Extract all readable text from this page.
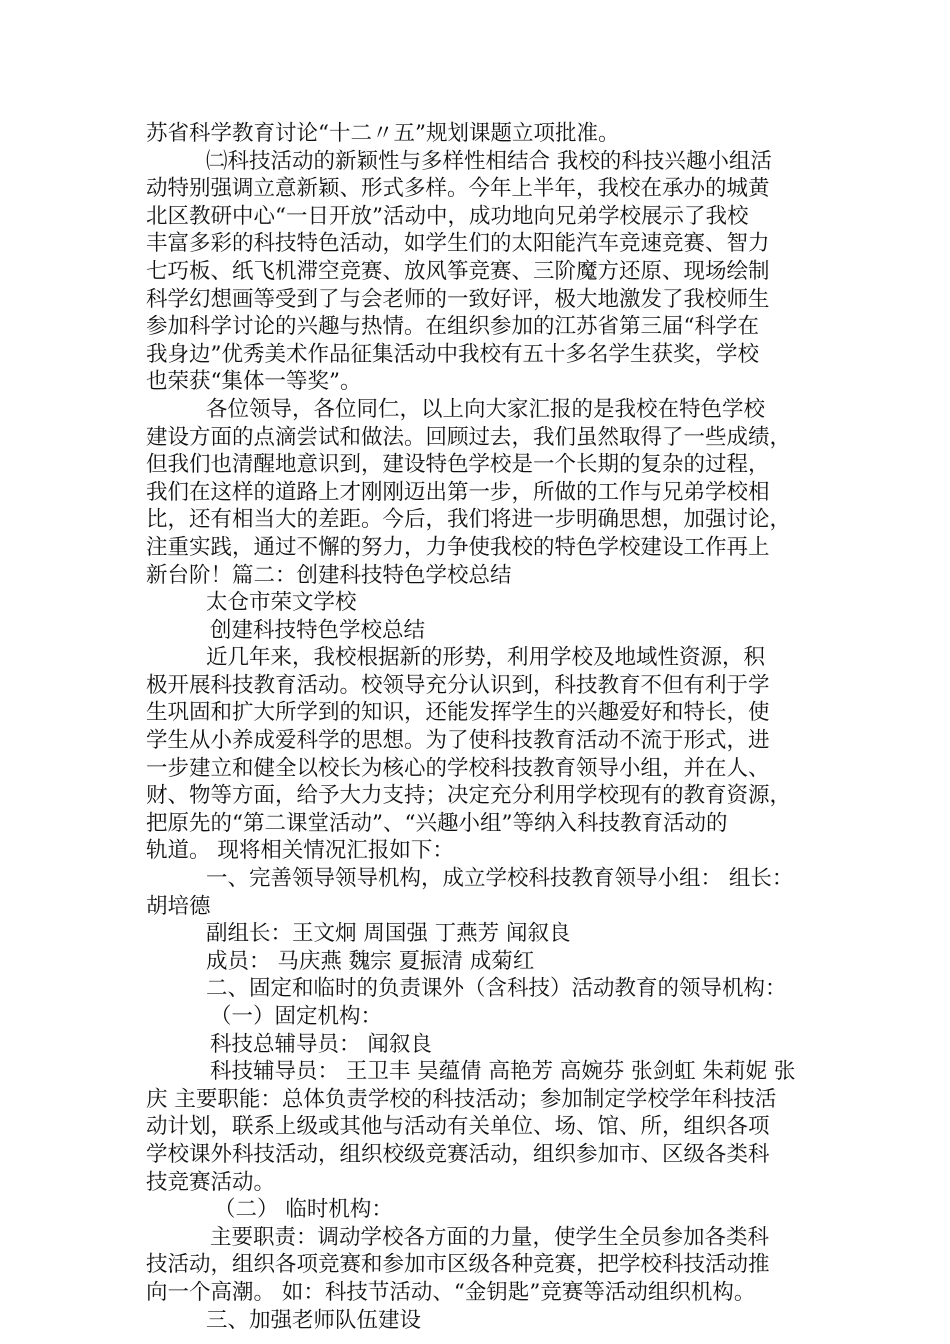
苏省科学教育讨论“十二〃五”规划课题立项批准。
㈡科技活动的新颖性与多样性相结合 我校的科技兴趣小组活
动特别强调立意新颖、形式多样。今年上半年，我校在承办的城黄
北区教研中心“一日开放”活动中，成功地向兄弟学校展示了我校
丰富多彩的科技特色活动，如学生们的太阳能汽车竞速竞赛、智力
七巧板、纸飞机滞空竞赛、放风筝竞赛、三阶魔方还原、现场绘制
科学幻想画等受到了与会老师的一致好评，极大地激发了我校师生
参加科学讨论的兴趣与热情。在组织参加的江苏省第三届“科学在
我身边”优秀美术作品征集活动中我校有五十多名学生获奖，学校
也荣获“集体一等奖”。
各位领导，各位同仁，以上向大家汇报的是我校在特色学校
建设方面的点滴尝试和做法。回顾过去，我们虽然取得了一些成绩，
但我们也清醒地意识到，建设特色学校是一个长期的复杂的过程，
我们在这样的道路上才刚刚迈出第一步，所做的工作与兄弟学校相
比，还有相当大的差距。今后，我们将进一步明确思想，加强讨论，
注重实践，通过不懈的努力，力争使我校的特色学校建设工作再上
新台阶！篇二：创建科技特色学校总结
太仓市荣文学校
创建科技特色学校总结
近几年来，我校根据新的形势，利用学校及地域性资源，积
极开展科技教育活动。校领导充分认识到，科技教育不但有利于学
生巩固和扩大所学到的知识，还能发挥学生的兴趣爱好和特长，使
学生从小养成爱科学的思想。为了使科技教育活动不流于形式，进
一步建立和健全以校长为核心的学校科技教育领导小组，并在人、
财、物等方面，给予大力支持；决定充分利用学校现有的教育资源，
把原先的“第二课堂活动”、“兴趣小组”等纳入科技教育活动的
轨道。 现将相关情况汇报如下：
一、完善领导领导机构，成立学校科技教育领导小组： 组长：
胡培德
副组长：王文炯 周国强 丁燕芳 闻叙良
成员： 马庆燕 魏宗 夏振清 成菊红
二、固定和临时的负责课外（含科技）活动教育的领导机构：
（一）固定机构：
科技总辅导员： 闻叙良
科技辅导员： 王卫丰 吴蕴倩 高艳芳 高婉芬 张剑虹 朱莉妮 张
庆 主要职能：总体负责学校的科技活动；参加制定学校学年科技活
动计划，联系上级或其他与活动有关单位、场、馆、所，组织各项
学校课外科技活动，组织校级竞赛活动，组织参加市、区级各类科
技竞赛活动。
（二） 临时机构：
主要职责：调动学校各方面的力量，使学生全员参加各类科
技活动，组织各项竞赛和参加市区级各种竞赛，把学校科技活动推
向一个高潮。 如：科技节活动、“金钥匙”竞赛等活动组织机构。
三、加强老师队伍建设
